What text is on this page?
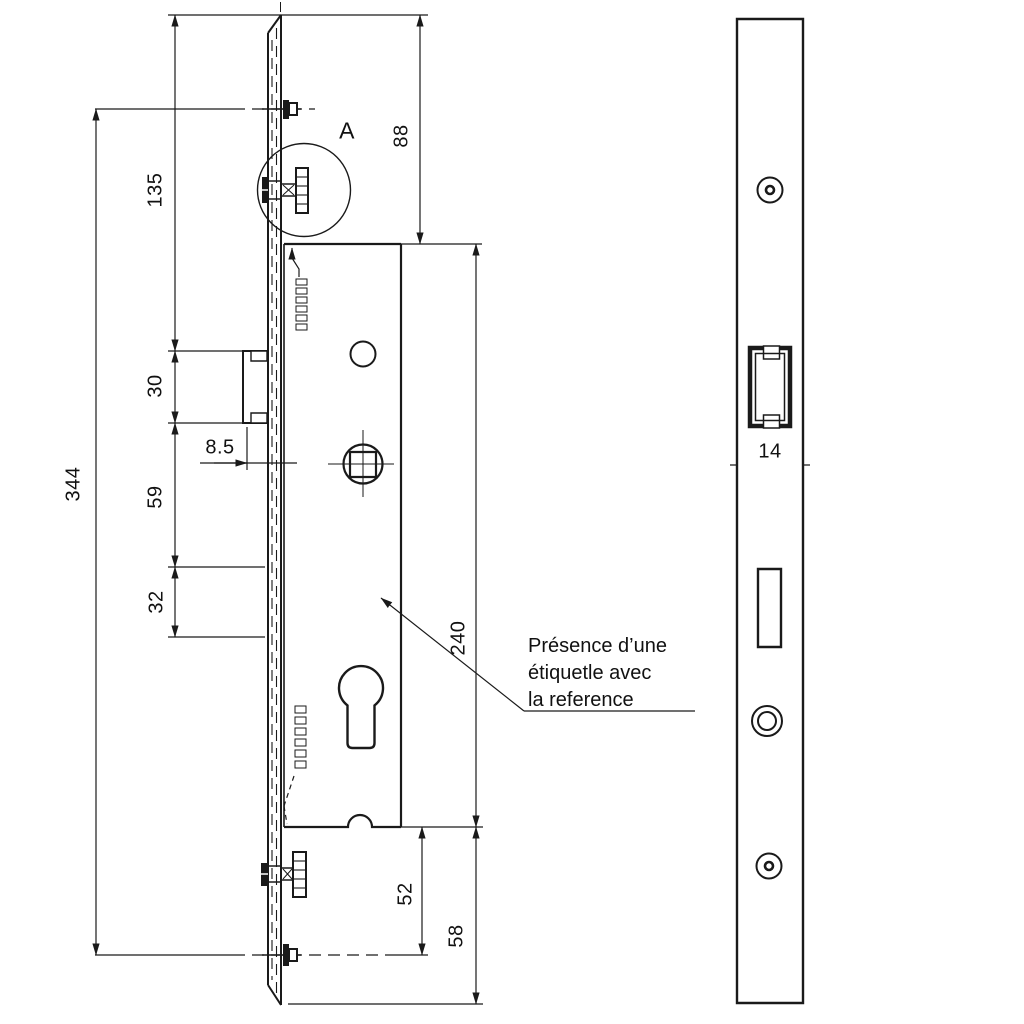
135
344
30
59
32
88
240
52
58
8.5	14
A
Présence d’une
étiquetle avec
la reference
